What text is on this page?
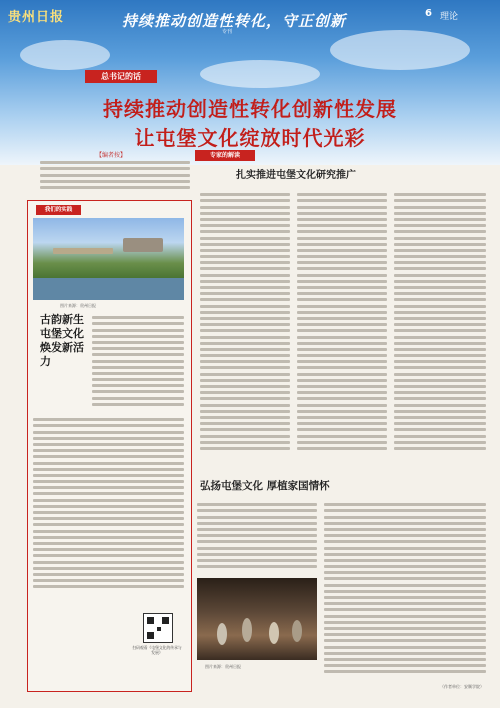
贵州日报	持续推动创造性转化，守正创新
专刊
6 理论
总书记的话
持续推动创造性转化创新性发展
让屯堡文化绽放时代光彩
【编者按】	专家的解读
扎实推进屯堡文化研究推广
我们的实践
图片来源：贵州日报
古韵新生 屯堡文化焕发新活力
扫码观看《屯堡文化的传承与发展》
弘扬屯堡文化 厚植家国情怀
图片来源：贵州日报
（作者单位：安顺学院）
